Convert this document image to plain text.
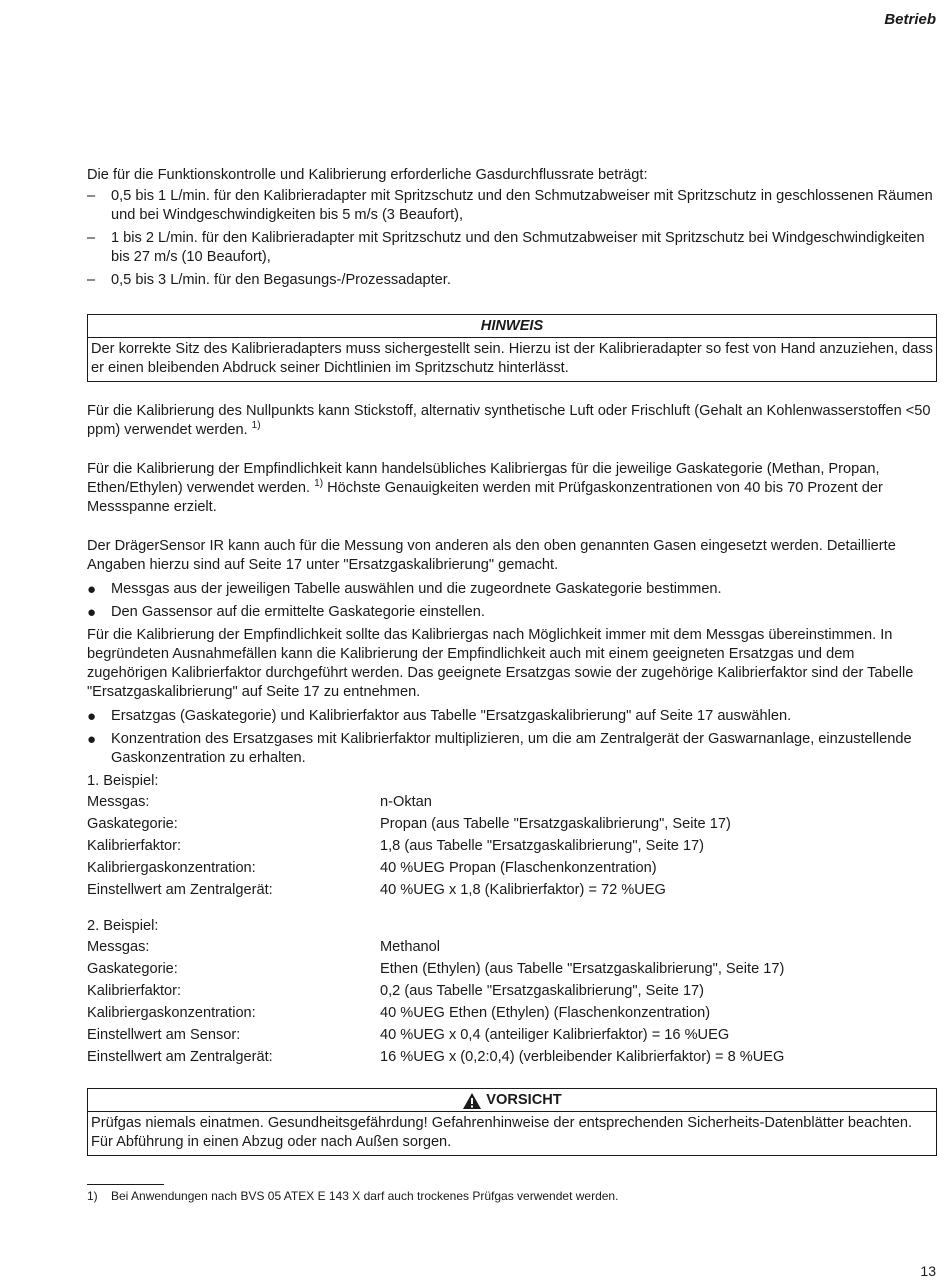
Betrieb

Die für die Funktionskontrolle und Kalibrierung erforderliche Gasdurchflussrate beträgt:

– 0,5 bis 1 L/min. für den Kalibrieradapter mit Spritzschutz und den Schmutzabweiser mit Spritzschutz in geschlossenen Räumen und bei Windgeschwindigkeiten bis 5 m/s (3 Beaufort),
– 1 bis 2 L/min. für den Kalibrieradapter mit Spritzschutz und den Schmutzabweiser mit Spritzschutz bei Windgeschwindigkeiten bis 27 m/s (10 Beaufort),
– 0,5 bis 3 L/min. für den Begasungs-/Prozessadapter.
HINWEIS
Der korrekte Sitz des Kalibrieradapters muss sichergestellt sein. Hierzu ist der Kalibrieradapter so fest von Hand anzuziehen, dass er einen bleibenden Abdruck seiner Dichtlinien im Spritzschutz hinterlässt.

Für die Kalibrierung des Nullpunkts kann Stickstoff, alternativ synthetische Luft oder Frischluft (Gehalt an Kohlenwasserstoffen <50 ppm) verwendet werden. $^{1)}$

Für die Kalibrierung der Empfindlichkeit kann handelsübliches Kalibriergas für die jeweilige Gaskategorie (Methan, Propan, Ethen/Ethylen) verwendet werden. $^{1)}$ Höchste Genauigkeiten werden mit Prüfgaskonzentrationen von 40 bis 70 Prozent der Messspanne erzielt.

Der DrägerSensor IR kann auch für die Messung von anderen als den oben genannten Gasen eingesetzt werden. Detaillierte Angaben hierzu sind auf Seite 17 unter "Ersatzgaskalibrierung" gemacht.

● Messgas aus der jeweiligen Tabelle auswählen und die zugeordnete Gaskategorie bestimmen.
● Den Gassensor auf die ermittelte Gaskategorie einstellen.

Für die Kalibrierung der Empfindlichkeit sollte das Kalibriergas nach Möglichkeit immer mit dem Messgas übereinstimmen. In begründeten Ausnahmefällen kann die Kalibrierung der Empfindlichkeit auch mit einem geeigneten Ersatzgas und dem zugehörigen Kalibrierfaktor durchgeführt werden. Das geeignete Ersatzgas sowie der zugehörige Kalibrierfaktor sind der Tabelle "Ersatzgaskalibrierung" auf Seite 17 zu entnehmen.

● Ersatzgas (Gaskategorie) und Kalibrierfaktor aus Tabelle "Ersatzgaskalibrierung" auf Seite 17 auswählen.
● Konzentration des Ersatzgases mit Kalibrierfaktor multiplizieren, um die am Zentralgerät der Gaswarnanlage, einzustellende Gaskonzentration zu erhalten.

1. Beispiel:

Messgas:	n-Oktan
Gaskategorie:	Propan (aus Tabelle "Ersatzgaskalibrierung", Seite 17)
Kalibrierfaktor:	1,8 (aus Tabelle "Ersatzgaskalibrierung", Seite 17)
Kalibriergaskonzentration:	40 %UEG Propan (Flaschenkonzentration)
Einstellwert am Zentralgerät:	40 %UEG x 1,8 (Kalibrierfaktor) = 72 %UEG

2. Beispiel:

Messgas:	Methanol
Gaskategorie:	Ethen (Ethylen) (aus Tabelle "Ersatzgaskalibrierung", Seite 17)
Kalibrierfaktor:	0,2 (aus Tabelle "Ersatzgaskalibrierung", Seite 17)
Kalibriergaskonzentration:	40 %UEG Ethen (Ethylen) (Flaschenkonzentration)
Einstellwert am Sensor:	40 %UEG x 0,4 (anteiliger Kalibrierfaktor) = 16 %UEG
Einstellwert am Zentralgerät:	16 %UEG x (0,2:0,4) (verbleibender Kalibrierfaktor) = 8 %UEG
VORSICHT
Prüfgas niemals einatmen. Gesundheitsgefährdung! Gefahrenhinweise der entsprechenden Sicherheits-Datenblätter beachten. Für Abführung in einen Abzug oder nach Außen sorgen.
1)	Bei Anwendungen nach BVS 05 ATEX E 143 X darf auch trockenes Prüfgas verwendet werden.
13
